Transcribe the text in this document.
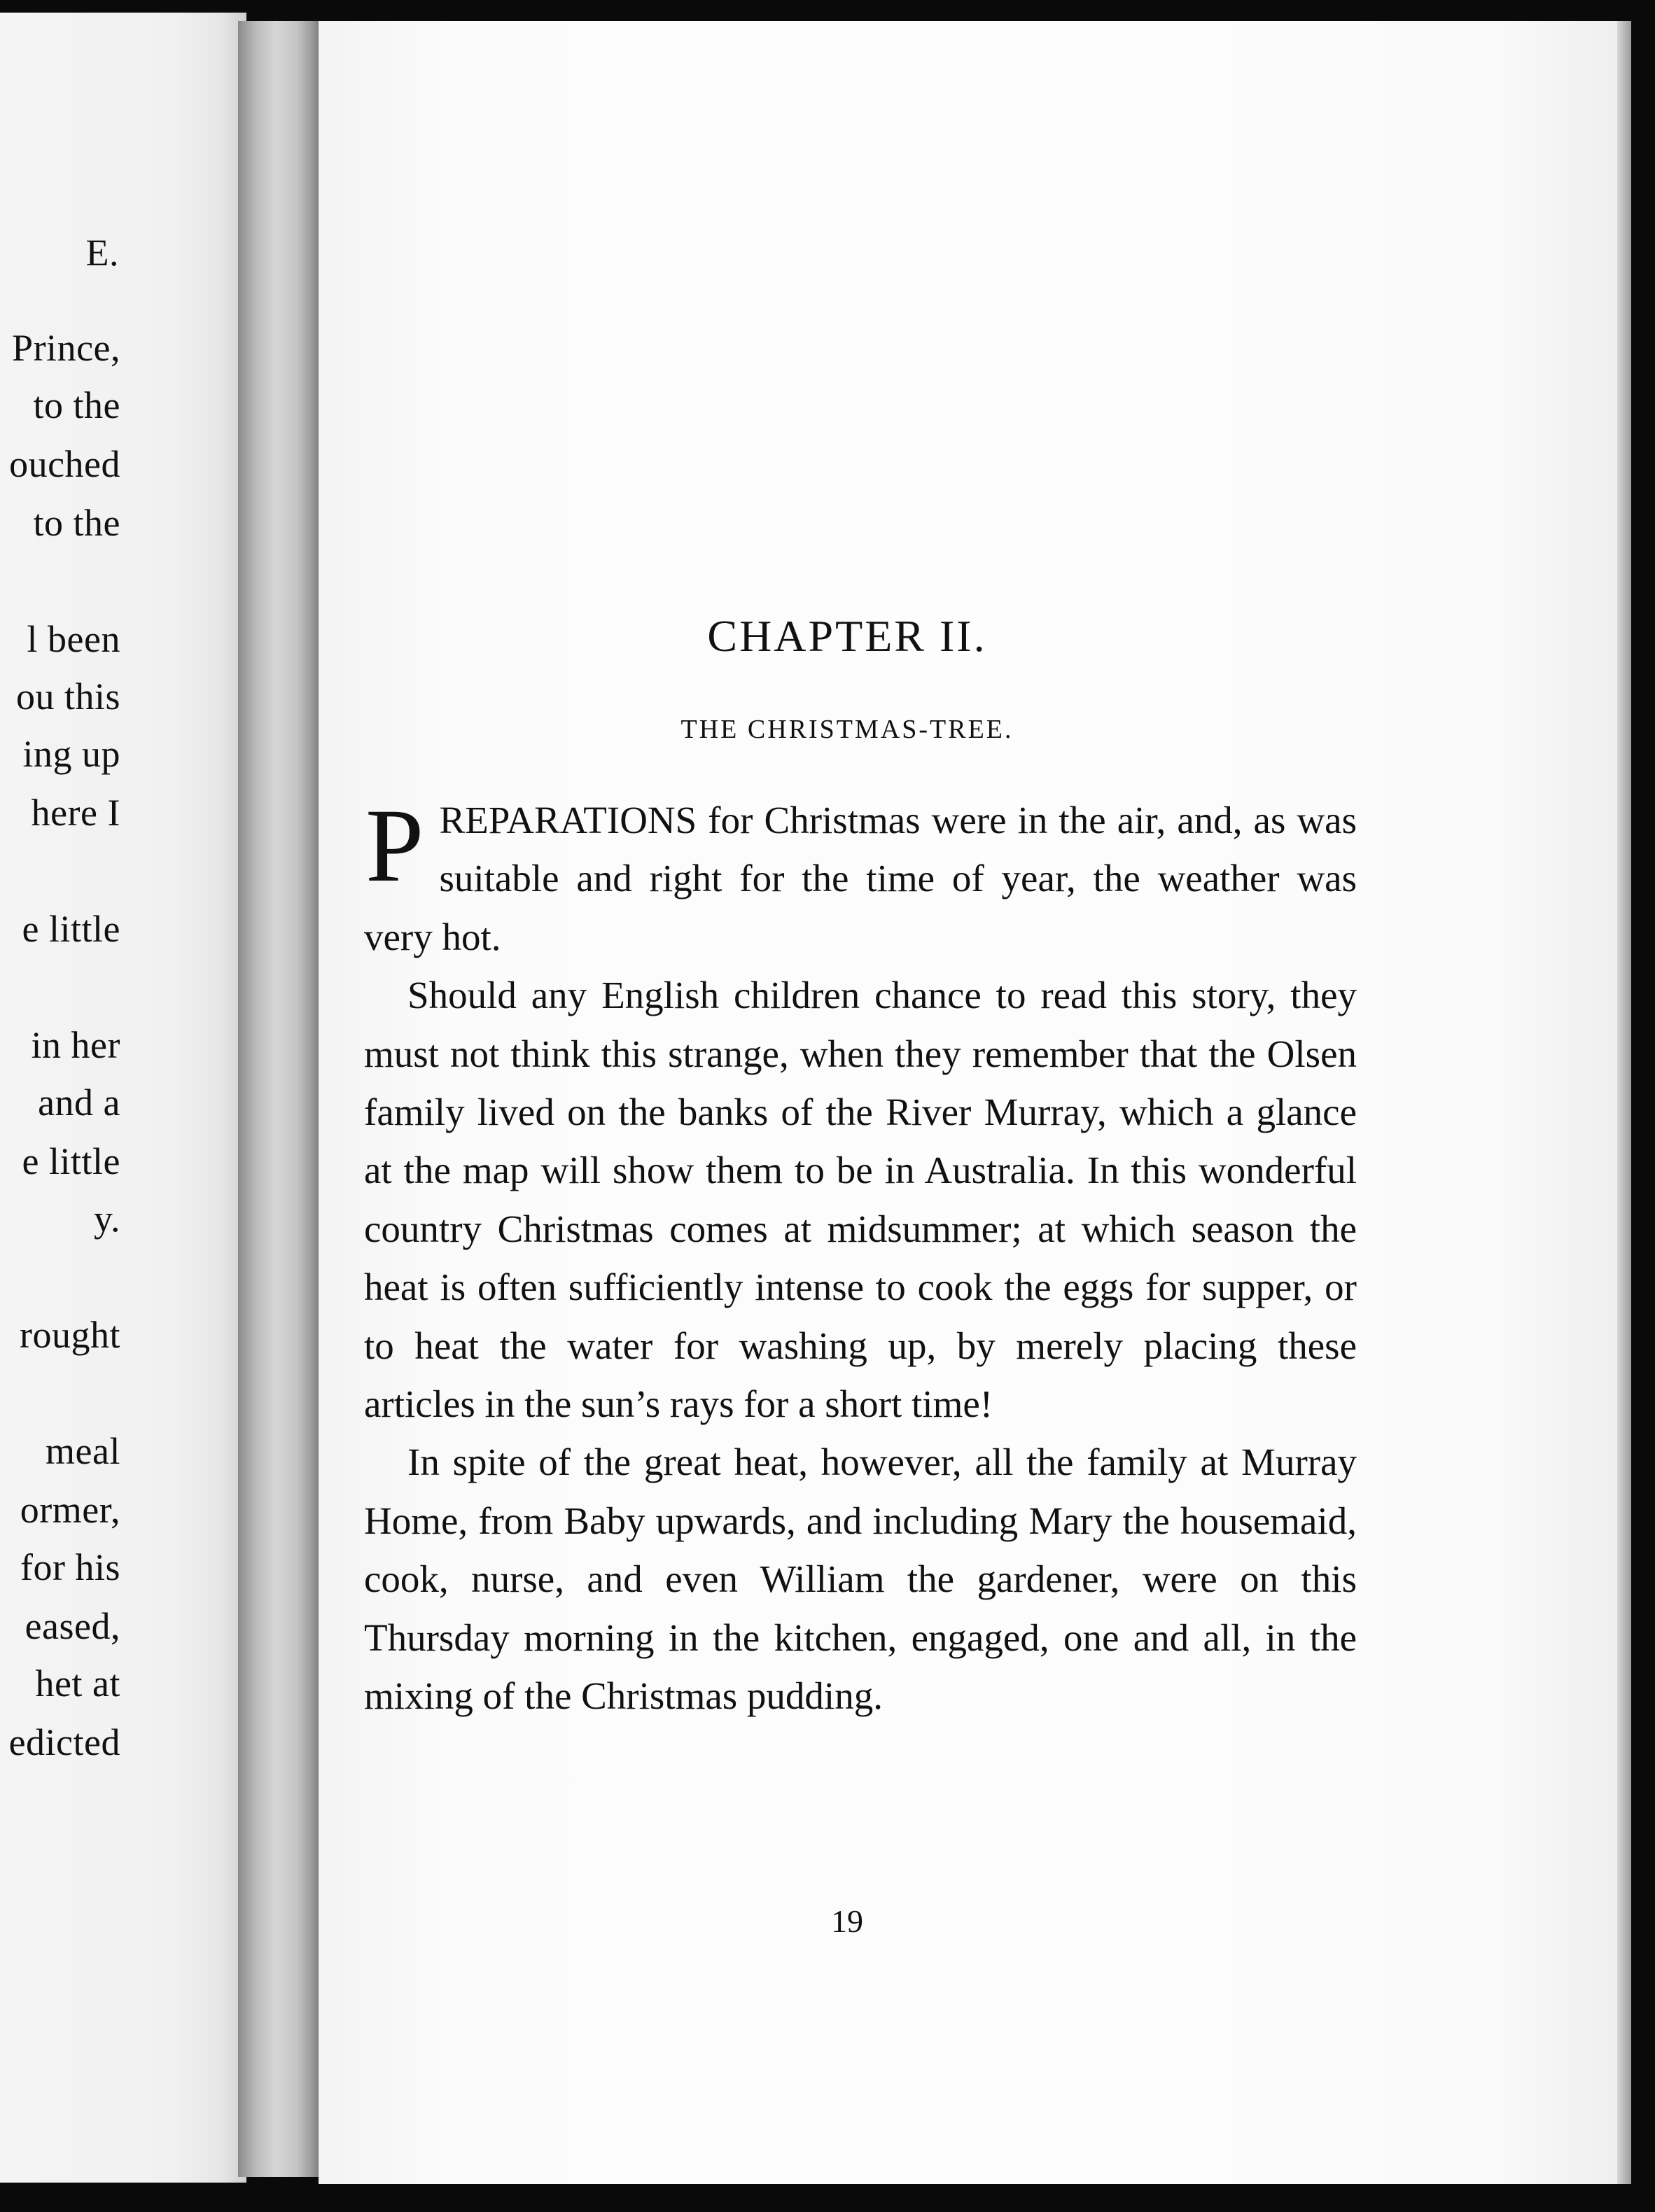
E.
Prince,
to the
ouched
to the
l been
ou this
ing up
here I
e little
in her
and a
e little
y.
rought
meal
ormer,
for his
eased,
het at
edicted
CHAPTER II.
THE CHRISTMAS-TREE.

PREPARATIONS for Christmas were in the air, and, as was suitable and right for the time of year, the weather was very hot.

Should any English children chance to read this story, they must not think this strange, when they remember that the Olsen family lived on the banks of the River Murray, which a glance at the map will show them to be in Australia. In this wonderful country Christmas comes at midsummer; at which season the heat is often sufficiently intense to cook the eggs for supper, or to heat the water for washing up, by merely placing these articles in the sun’s rays for a short time!

In spite of the great heat, however, all the family at Murray Home, from Baby upwards, and including Mary the housemaid, cook, nurse, and even William the gardener, were on this Thursday morning in the kitchen, engaged, one and all, in the mixing of the Christmas pudding.

19
